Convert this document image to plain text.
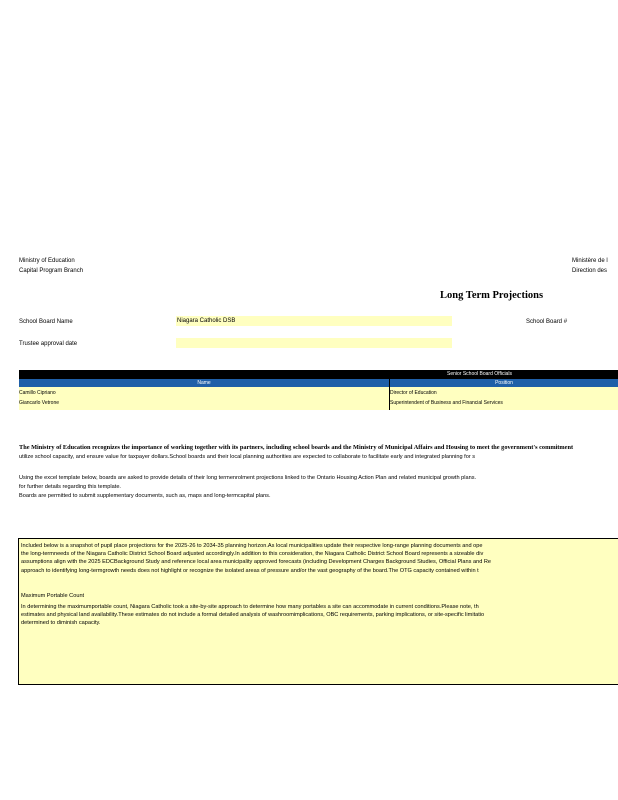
Ministry of Education
Capital Program Branch
Ministère de l
Direction des
Long Term Projections
School Board Name	Niagara Catholic DSB	School Board #
Trustee approval date
Senior School Board Officials
Name	Position
Camillo Cipriano	Director of Education
Giancarlo Vetrone	Superintendent of Business and Financial Services
The Ministry of Education recognizes the importance of working together with its partners, including school boards and the Ministry of Municipal Affairs and Housing to meet the government's commitment
utilize school capacity, and ensure value for taxpayer dollars.School boards and their local planning authorities are expected to collaborate to facilitate early and integrated planning for s
Using the excel template below, boards are asked to provide details of their long termenrolment projections linked to the Ontario Housing Action Plan and related municipal growth plans.
for further details regarding this template.
Boards are permitted to submit supplementary documents, such as, maps and long-termcapital plans.
Included below is a snapshot of pupil place projections for the 2025-26 to 2034-35 planning horizon.As local municipalities update their respective long-range planning documents and ope
the long-termneeds of the Niagara Catholic District School Board adjusted accordingly.In addition to this consideration, the Niagara Catholic District School Board represents a sizeable div
assumptions align with the 2025 EDCBackground Study and reference local area municipality approved forecasts (including Development Charges Background Studies, Official Plans and Re
approach to identifying long-termgrowth needs does not highlight or recognize the isolated areas of pressure and/or the vast geography of the board.The OTG capacity contained within t
Maximum Portable Count
In determining the maximumportable count, Niagara Catholic took a site-by-site approach to determine how many portables a site can accommodate in current conditions.Please note, th
estimates and physical land availability.These estimates do not include a formal detailed analysis of washroomimplications, OBC requirements, parking implications, or site-specific limitatio
determined to diminish capacity.
